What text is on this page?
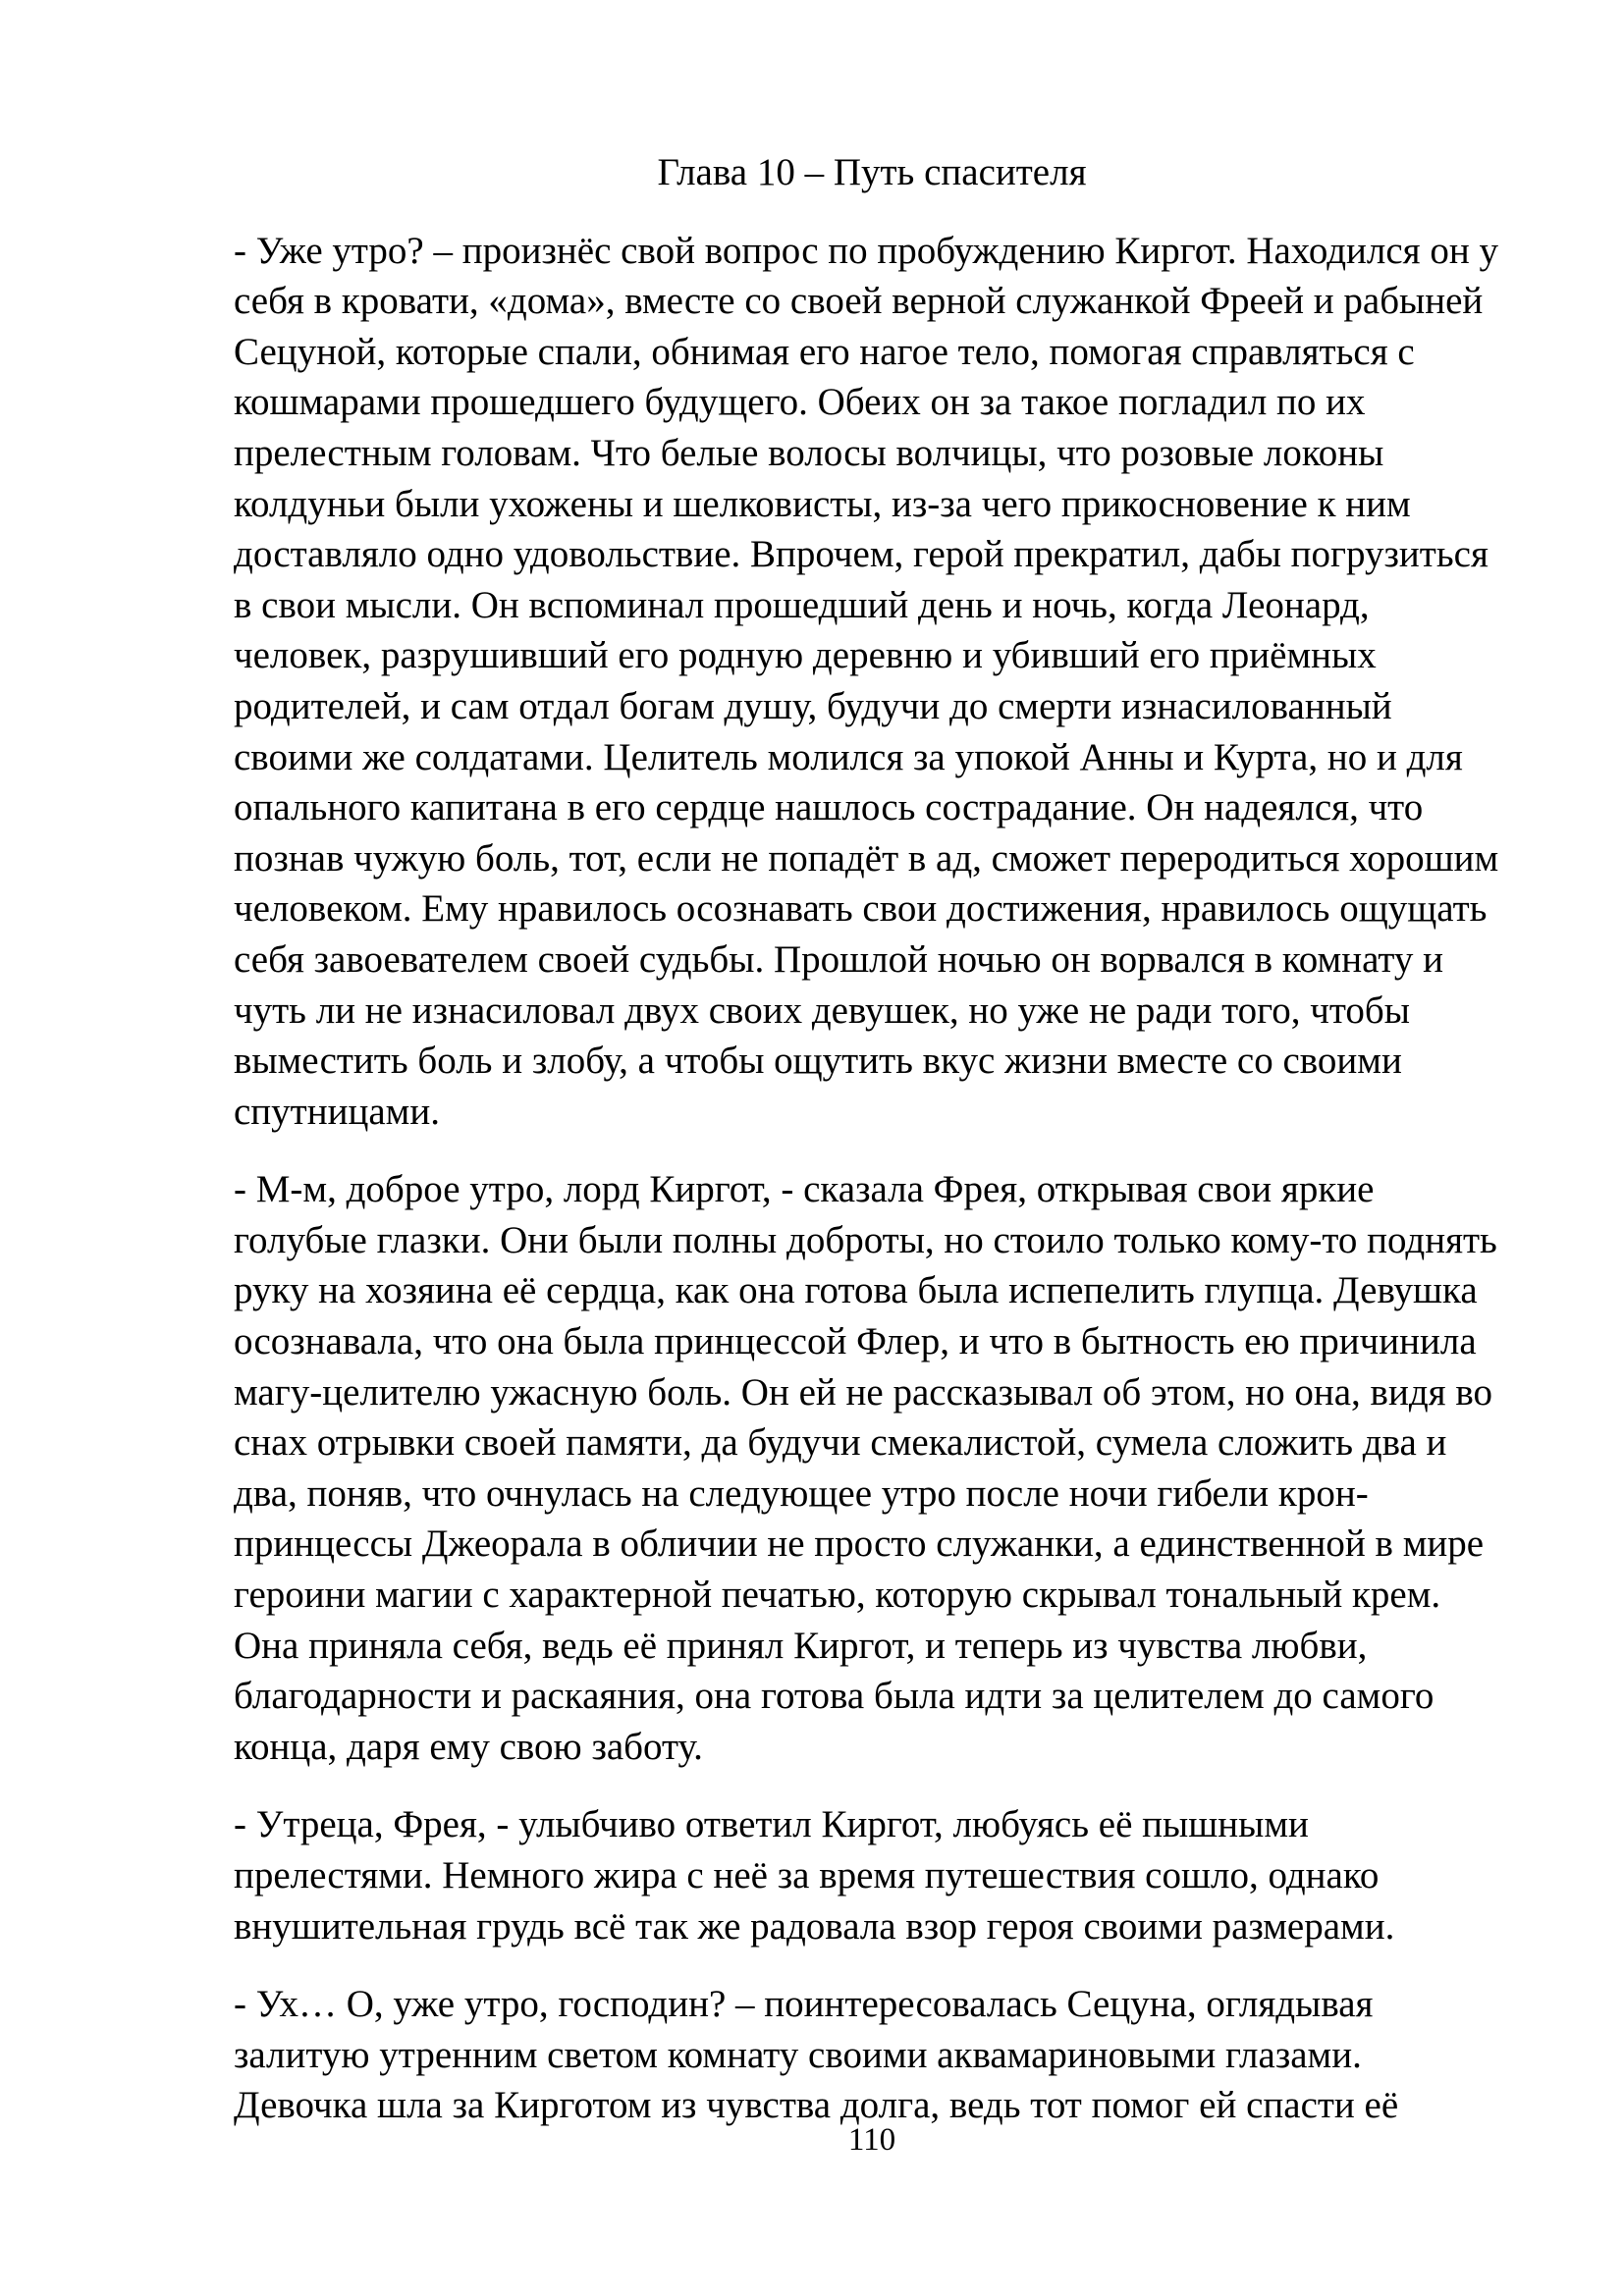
Глава 10 – Путь спасителя
- Уже утро? – произнёс свой вопрос по пробуждению Киргот. Находился он у
себя в кровати, «дома», вместе со своей верной служанкой Фреей и рабыней
Сецуной, которые спали, обнимая его нагое тело, помогая справляться с
кошмарами прошедшего будущего. Обеих он за такое погладил по их
прелестным головам. Что белые волосы волчицы, что розовые локоны
колдуньи были ухожены и шелковисты, из-за чего прикосновение к ним
доставляло одно удовольствие. Впрочем, герой прекратил, дабы погрузиться
в свои мысли. Он вспоминал прошедший день и ночь, когда Леонард,
человек, разрушивший его родную деревню и убивший его приёмных
родителей, и сам отдал богам душу, будучи до смерти изнасилованный
своими же солдатами. Целитель молился за упокой Анны и Курта, но и для
опального капитана в его сердце нашлось сострадание. Он надеялся, что
познав чужую боль, тот, если не попадёт в ад, сможет переродиться хорошим
человеком. Ему нравилось осознавать свои достижения, нравилось ощущать
себя завоевателем своей судьбы. Прошлой ночью он ворвался в комнату и
чуть ли не изнасиловал двух своих девушек, но уже не ради того, чтобы
выместить боль и злобу, а чтобы ощутить вкус жизни вместе со своими
спутницами.
- М-м, доброе утро, лорд Киргот, - сказала Фрея, открывая свои яркие
голубые глазки. Они были полны доброты, но стоило только кому-то поднять
руку на хозяина её сердца, как она готова была испепелить глупца. Девушка
осознавала, что она была принцессой Флер, и что в бытность ею причинила
магу-целителю ужасную боль. Он ей не рассказывал об этом, но она, видя во
снах отрывки своей памяти, да будучи смекалистой, сумела сложить два и
два, поняв, что очнулась на следующее утро после ночи гибели крон-
принцессы Джеорала в обличии не просто служанки, а единственной в мире
героини магии с характерной печатью, которую скрывал тональный крем.
Она приняла себя, ведь её принял Киргот, и теперь из чувства любви,
благодарности и раскаяния, она готова была идти за целителем до самого
конца, даря ему свою заботу.
- Утреца, Фрея, - улыбчиво ответил Киргот, любуясь её пышными
прелестями. Немного жира с неё за время путешествия сошло, однако
внушительная грудь всё так же радовала взор героя своими размерами.
- Ух… О, уже утро, господин? – поинтересовалась Сецуна, оглядывая
залитую утренним светом комнату своими аквамариновыми глазами.
Девочка шла за Кирготом из чувства долга, ведь тот помог ей спасти её
110
